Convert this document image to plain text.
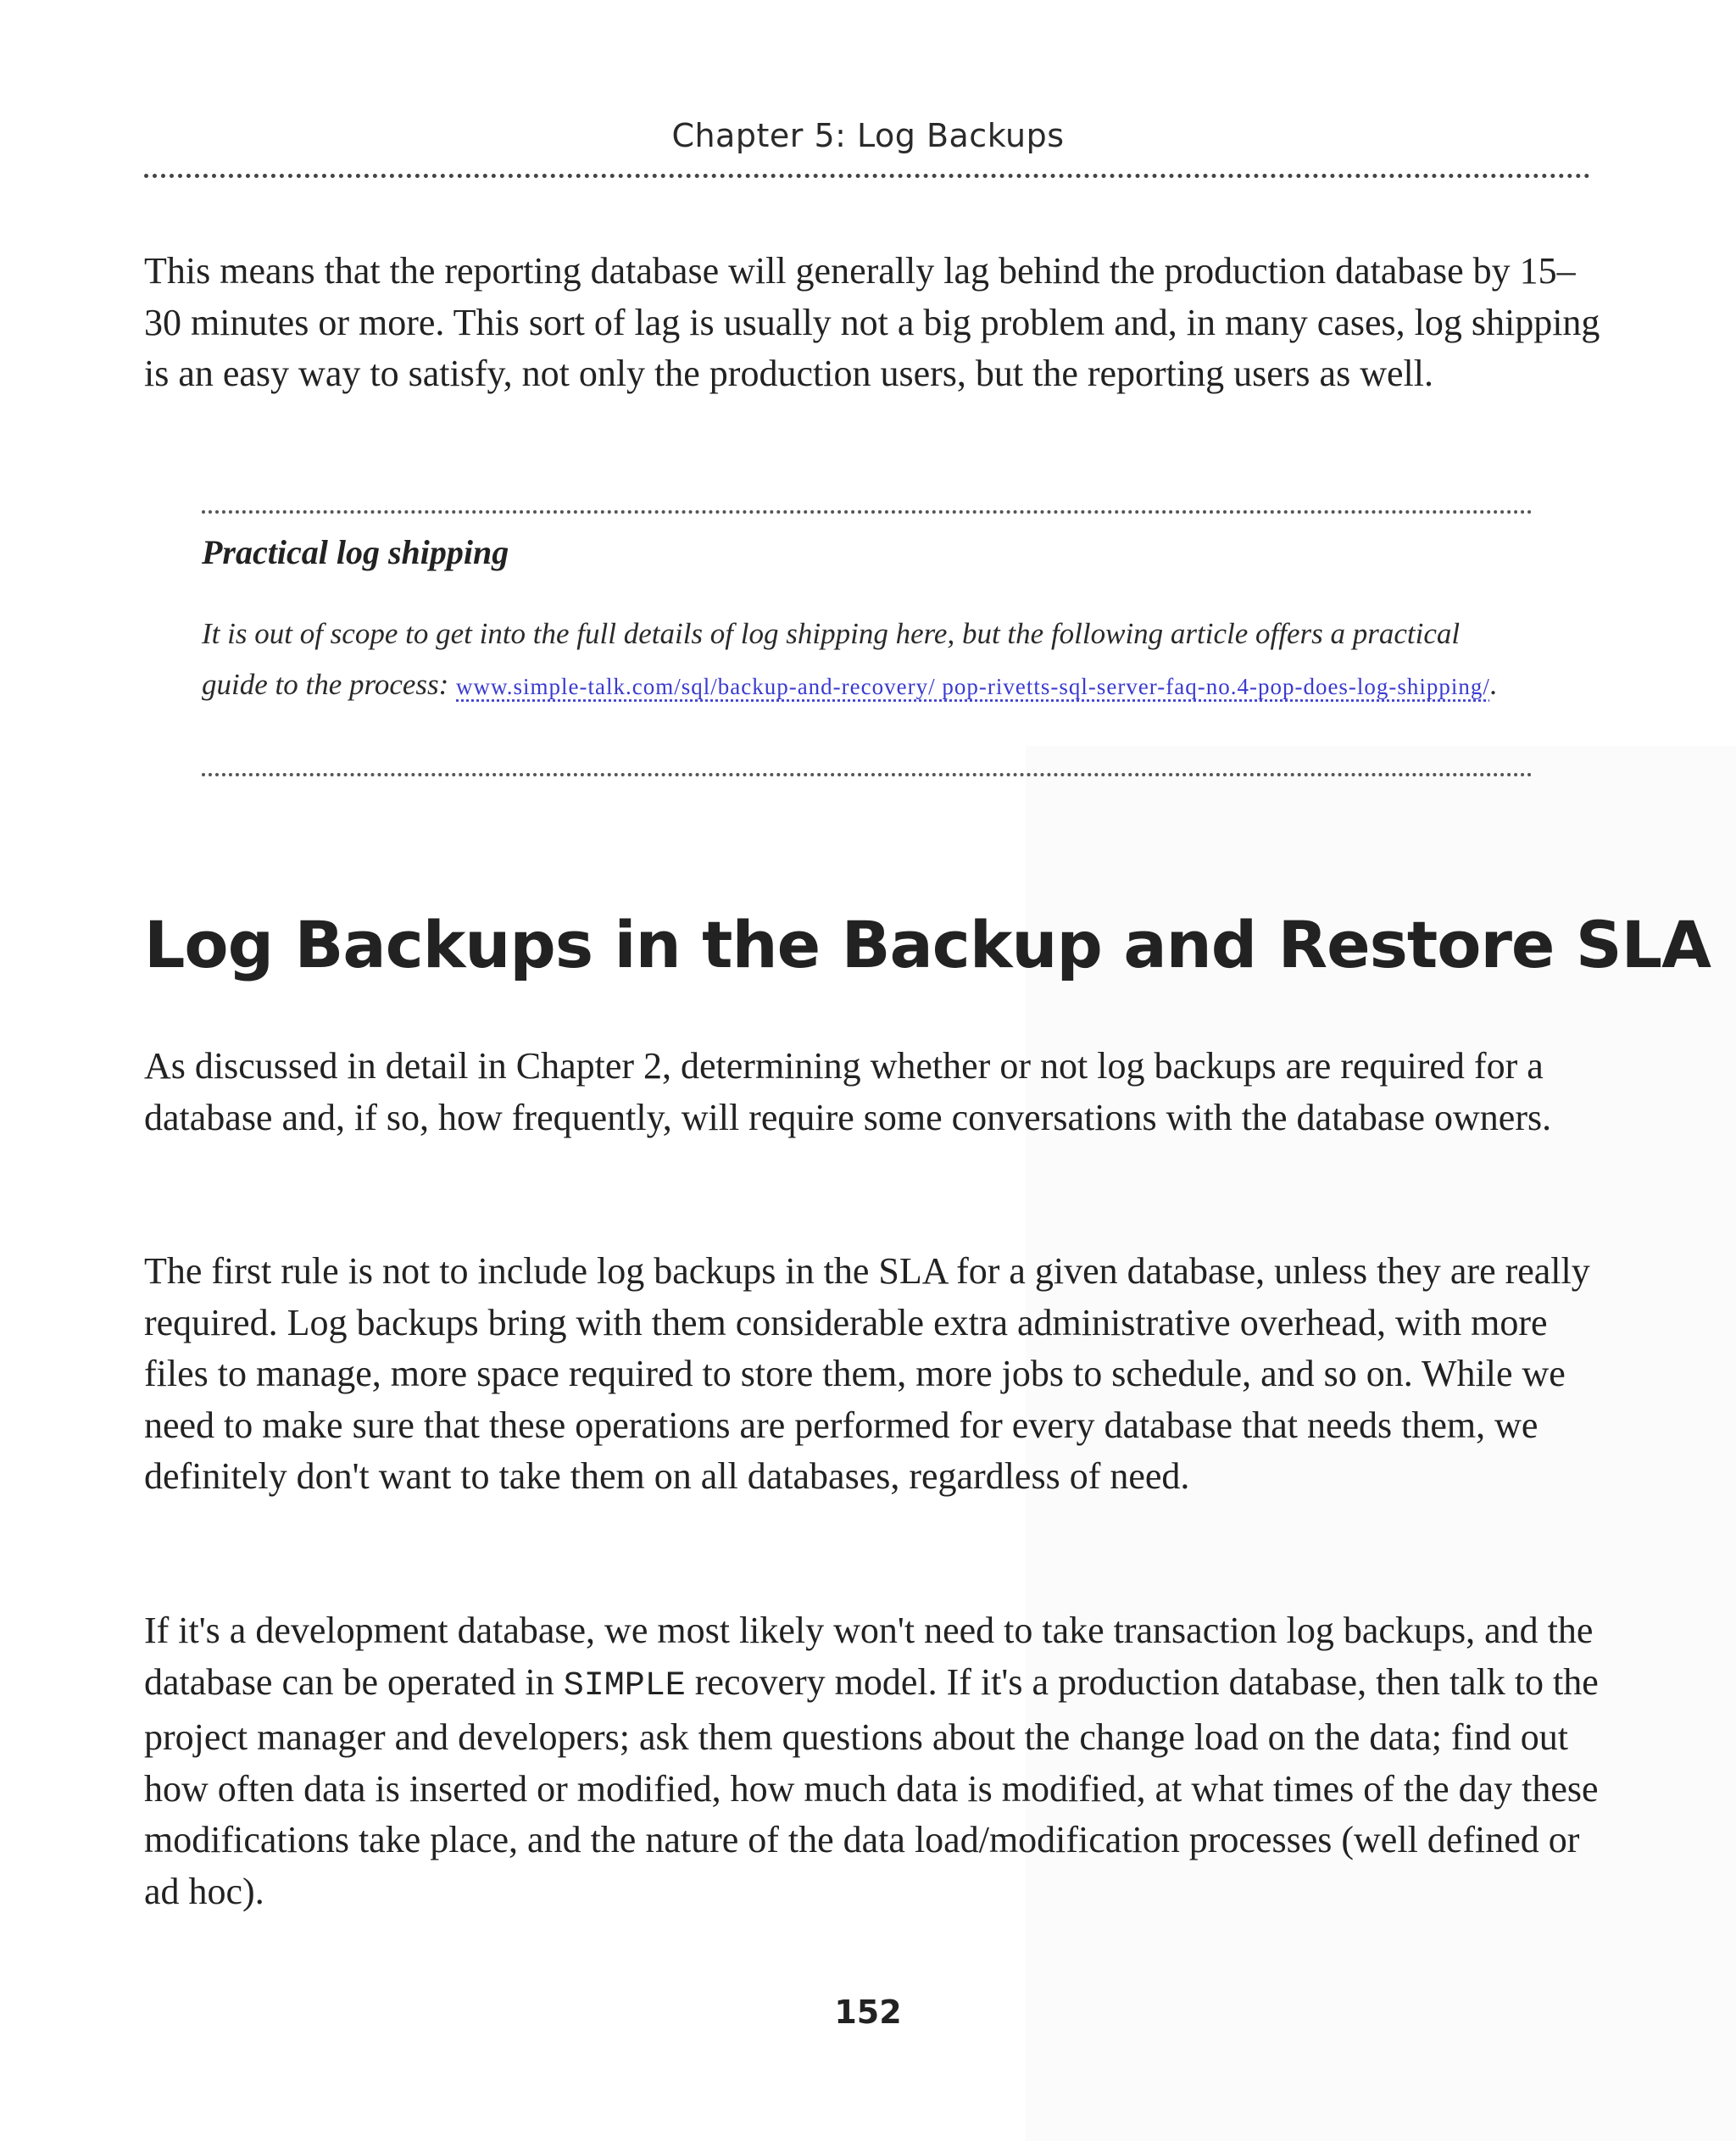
Chapter 5: Log Backups

This means that the reporting database will generally lag behind the production database by 15–30 minutes or more. This sort of lag is usually not a big problem and, in many cases, log shipping is an easy way to satisfy, not only the production users, but the reporting users as well.

Practical log shipping

It is out of scope to get into the full details of log shipping here, but the following article offers a practical guide to the process: www.simple-talk.com/sql/backup-and-recovery/ pop-rivetts-sql-server-faq-no.4-pop-does-log-shipping/.

Log Backups in the Backup and Restore SLA

As discussed in detail in Chapter 2, determining whether or not log backups are required for a database and, if so, how frequently, will require some conversations with the database owners.

The first rule is not to include log backups in the SLA for a given database, unless they are really required. Log backups bring with them considerable extra administrative overhead, with more files to manage, more space required to store them, more jobs to schedule, and so on. While we need to make sure that these operations are performed for every database that needs them, we definitely don't want to take them on all databases, regardless of need.

If it's a development database, we most likely won't need to take transaction log backups, and the database can be operated in SIMPLE recovery model. If it's a production database, then talk to the project manager and developers; ask them questions about the change load on the data; find out how often data is inserted or modified, how much data is modified, at what times of the day these modifications take place, and the nature of the data load/modification processes (well defined or ad hoc).

152
